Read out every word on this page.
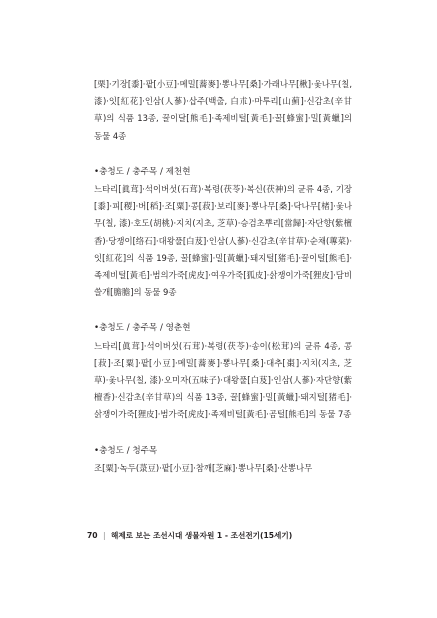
[栗]·기장[黍]·팥[小豆]·메밀[蕎麥]·뽕나무[桑]·가래나무[楸]·옻나무(칠, 漆)·잇[紅花]·인삼(人蔘)·삽주(백출, 白朮)·마투리[山薊]·신감초(辛甘草)의 식품 13종, 꿀이달[熊毛]·족제비털[黃毛]·꿀[蜂蜜]·밀[黃蠟]의 동물 4종

•충청도 / 충주목 / 제천현

느타리[眞茸]·석이버섯(石茸)·복령(茯苓)·복신(茯神)의 균류 4종, 기장[黍]·피[稷]·버[稻]·조[粟]·콩[菽]·보리[麥]·뽕나무[桑]·닥나무[楮]·옻나무(칠, 漆)·호도(胡桃)·지치(지초, 芝草)·승검초뿌리[當歸]·자단향(紫檀香)·당쟁이[络石]·대왕풀[白芨]·인삼(人蔘)·신감초(辛甘草)·순채(蓴菜)·잇[紅花]의 식품 19종, 꿀[蜂蜜]·밀[黃蠟]·돼지털[猪毛]·꿀이털[熊毛]·족제비털[黃毛]·범의가죽[虎皮]·여우가죽[狐皮]·삵쟁이가죽[狸皮]·담비쓸개[膽膽]의 동물 9종

•충청도 / 충주목 / 영춘현

느타리[眞茸]·석이버섯(石茸)·복령(茯苓)·송이(松茸)의 균류 4종, 콩[菽]·조[粟]·팥[小豆]·메밀[蕎麥]·뽕나무[桑]·대추[棗]·지치(지초, 芝草)·옻나무(칠, 漆)·오미자(五味子)·대왕풀[白芨]·인삼(人蔘)·자단향(紫檀香)·신감초(辛甘草)의 식품 13종, 꿀[蜂蜜]·밀[黃蠟]·돼지털[猪毛]·삵쟁이가죽[狸皮]·범가죽[虎皮]·족제비털[黃毛]·곰털[熊毛]의 동물 7종

•충청도 / 청주목

조[粟]·녹두(菉豆)·팥[小豆]·참깨[芝麻]·뽕나무[桑]·산뽕나무

70 | 해제로 보는 조선시대 생물자원 1 - 조선전기(15세기)
